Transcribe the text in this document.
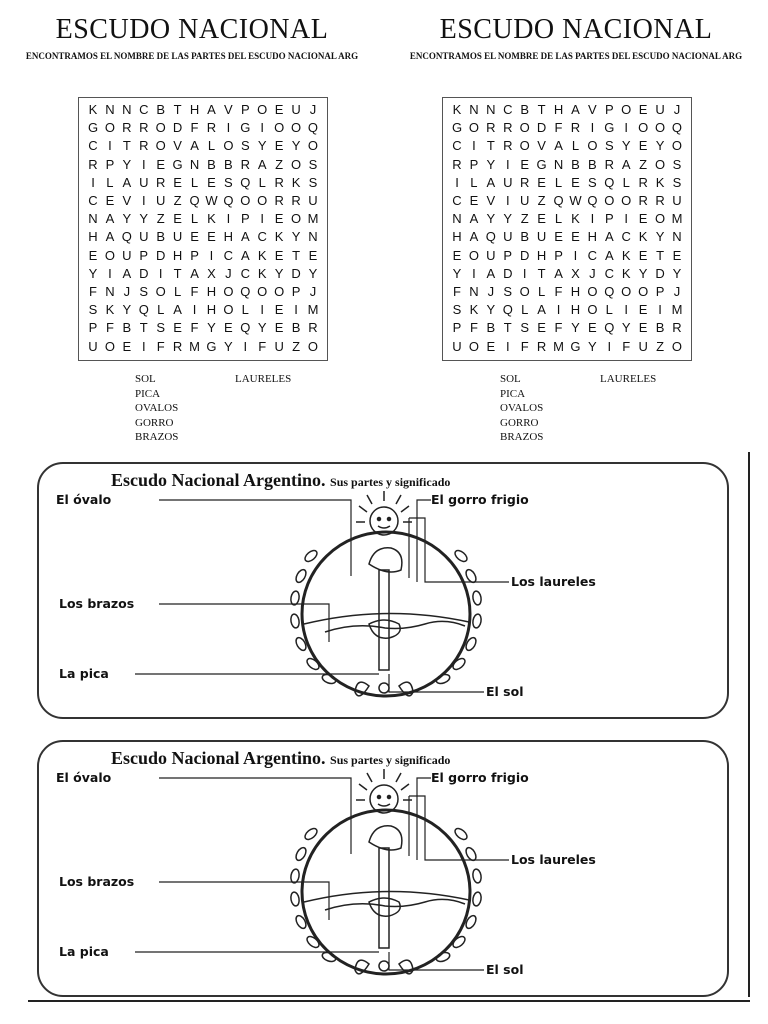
ESCUDO NACIONAL
ENCONTRAMOS EL NOMBRE DE LAS PARTES DEL ESCUDO NACIONAL ARG
K N N C B T H A V P O E U J
G O R R O D F R I G I O O Q
C I T R O V A L O S Y E Y O
R P Y I E G N B B R A Z O S
I L A U R E L E S Q L R K S
C E V I U Z Q W Q O O R R U
N A Y Y Z E L K I P I E O M
H A Q U B U E E H A C K Y N
E O U P D H P I C A K E T E
Y I A D I T A X J C K Y D Y
F N J S O L F H O Q O O P J
S K Y Q L A I H O L I E I M
P F B T S E F Y E Q Y E B R
U O E I F R M G Y I F U Z O
SOL
PICA
OVALOS
GORRO
BRAZOS
LAURELES
ESCUDO NACIONAL
ENCONTRAMOS EL NOMBRE DE LAS PARTES DEL ESCUDO NACIONAL ARG
K N N C B T H A V P O E U J
G O R R O D F R I G I O O Q
C I T R O V A L O S Y E Y O
R P Y I E G N B B R A Z O S
I L A U R E L E S Q L R K S
C E V I U Z Q W Q O O R R U
N A Y Y Z E L K I P I E O M
H A Q U B U E E H A C K Y N
E O U P D H P I C A K E T E
Y I A D I T A X J C K Y D Y
F N J S O L F H O Q O O P J
S K Y Q L A I H O L I E I M
P F B T S E F Y E Q Y E B R
U O E I F R M G Y I F U Z O
SOL
PICA
OVALOS
GORRO
BRAZOS
LAURELES
Escudo Nacional Argentino. Sus partes y significado
El óvalo	El gorro frigio
Los laureles
Los brazos
La pica
El sol
Escudo Nacional Argentino. Sus partes y significado
El óvalo	El gorro frigio
Los laureles
Los brazos
La pica
El sol
